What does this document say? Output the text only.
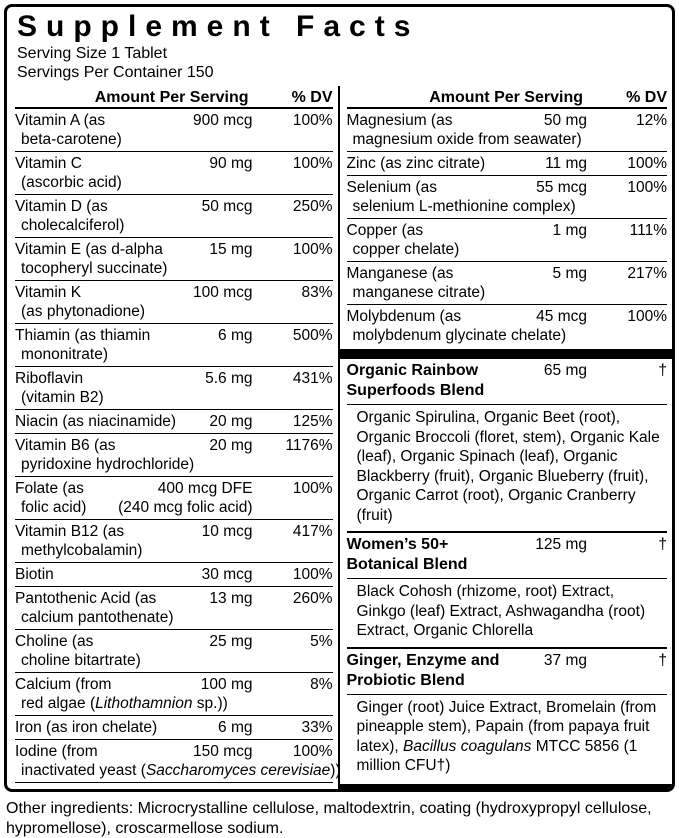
Supplement Facts
Serving Size 1 Tablet
Servings Per Container 150
Amount Per Serving	% DV
Vitamin A (as	900 mcg	100%
beta-carotene)
Vitamin C	90 mg	100%
(ascorbic acid)
Vitamin D (as	50 mcg	250%
cholecalciferol)
Vitamin E (as d-alpha	15 mg	100%
tocopheryl succinate)
Vitamin K	100 mcg	83%
(as phytonadione)
Thiamin (as thiamin	6 mg	500%
mononitrate)
Riboflavin	5.6 mg	431%
(vitamin B2)
Niacin (as niacinamide) 20 mg	125%
Vitamin B6 (as	20 mg 1176%
pyridoxine hydrochloride)
Folate (as	400 mcg DFE	100%
folic acid) (240 mcg folic acid)
Vitamin B12 (as	10 mcg	417%
methylcobalamin)
Biotin	30 mcg	100%
Pantothenic Acid (as	13 mg	260%
calcium pantothenate)
Choline (as	25 mg	5%
choline bitartrate)
Calcium (from	100 mg	8%
red algae (Lithothamnion sp.))
Iron (as iron chelate)	6 mg	33%
Iodine (from	150 mcg	100%
inactivated yeast (Saccharomyces cerevisiae))
Amount Per Serving	% DV
Magnesium (as	50 mg	12%
magnesium oxide from seawater)
Zinc (as zinc citrate)	11 mg	100%
Selenium (as	55 mcg	100%
selenium L-methionine complex)
Copper (as	1 mg	111%
copper chelate)
Manganese (as	5 mg	217%
manganese citrate)
Molybdenum (as	45 mcg	100%
molybdenum glycinate chelate)
Organic Rainbow
Superfoods Blend
65 mg	†
Organic Spirulina, Organic Beet (root), Organic Broccoli (floret, stem), Organic Kale (leaf), Organic Spinach (leaf), Organic Blackberry (fruit), Organic Blueberry (fruit), Organic Carrot (root), Organic Cranberry (fruit)
Women’s 50+
Botanical Blend
125 mg	†
Black Cohosh (rhizome, root) Extract, Ginkgo (leaf) Extract, Ashwagandha (root) Extract, Organic Chlorella
Ginger, Enzyme and
Probiotic Blend
37 mg	†
Ginger (root) Juice Extract, Bromelain (from pineapple stem), Papain (from papaya fruit latex), Bacillus coagulans MTCC 5856 (1 million CFU†)
Other ingredients: Microcrystalline cellulose, maltodextrin, coating (hydroxypropyl cellulose, hypromellose), croscarmellose sodium.
